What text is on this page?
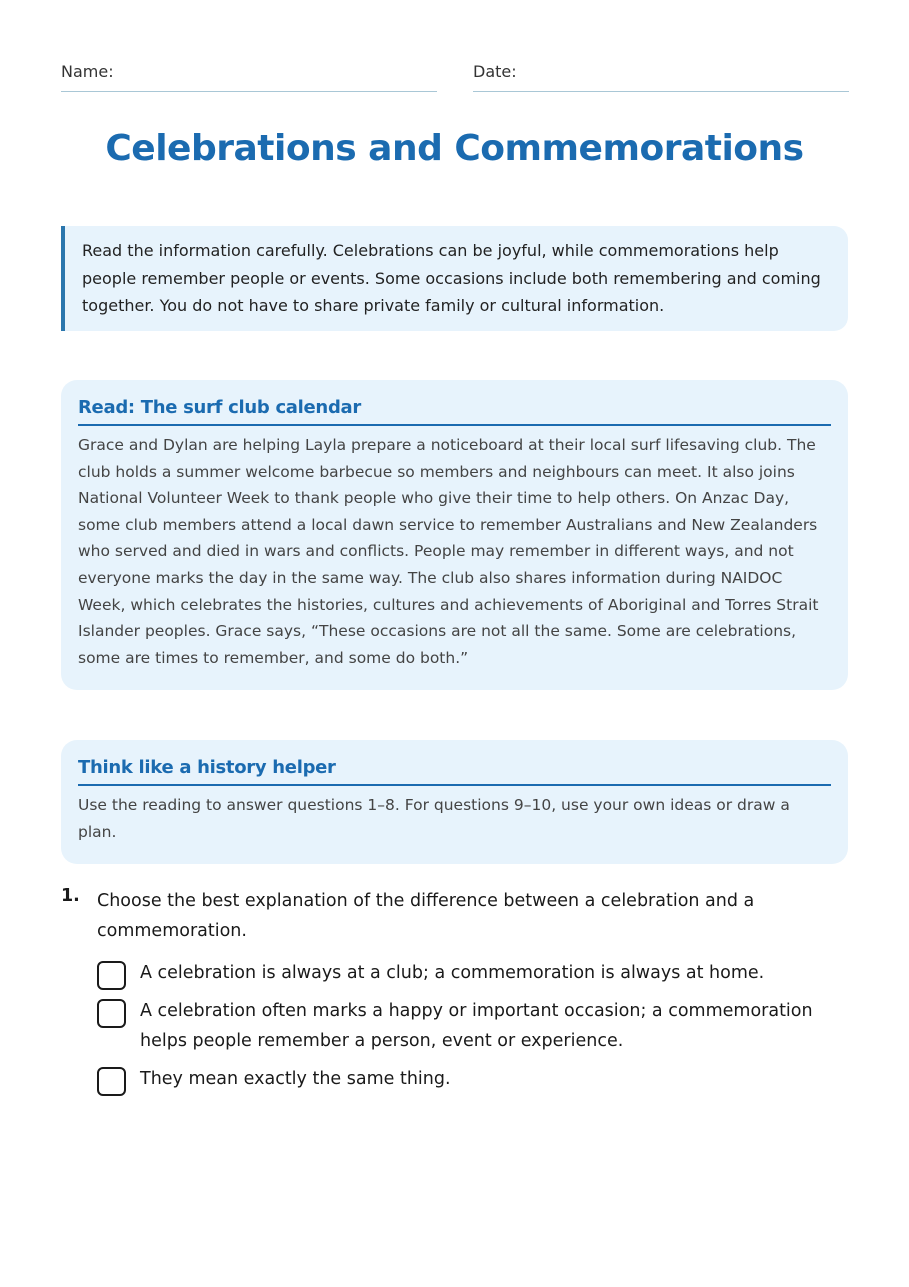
Name:	Date:
Celebrations and Commemorations
Read the information carefully. Celebrations can be joyful, while commemorations help people remember people or events. Some occasions include both remembering and coming together. You do not have to share private family or cultural information.
Read: The surf club calendar
Grace and Dylan are helping Layla prepare a noticeboard at their local surf lifesaving club. The club holds a summer welcome barbecue so members and neighbours can meet. It also joins National Volunteer Week to thank people who give their time to help others. On Anzac Day, some club members attend a local dawn service to remember Australians and New Zealanders who served and died in wars and conflicts. People may remember in different ways, and not everyone marks the day in the same way. The club also shares information during NAIDOC Week, which celebrates the histories, cultures and achievements of Aboriginal and Torres Strait Islander peoples. Grace says, “These occasions are not all the same. Some are celebrations, some are times to remember, and some do both.”
Think like a history helper
Use the reading to answer questions 1–8. For questions 9–10, use your own ideas or draw a plan.
1. Choose the best explanation of the difference between a celebration and a commemoration.
A celebration is always at a club; a commemoration is always at home.
A celebration often marks a happy or important occasion; a commemoration helps people remember a person, event or experience.
They mean exactly the same thing.
